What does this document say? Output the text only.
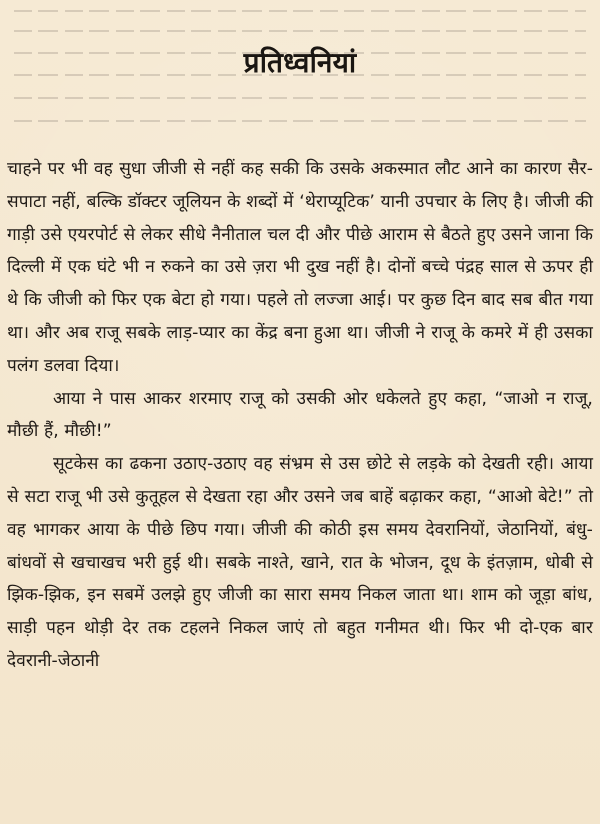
प्रतिध्वनियां

चाहने पर भी वह सुधा जीजी से नहीं कह सकी कि उसके अकस्मात लौट आने का कारण सैर-सपाटा नहीं, बल्कि डॉक्टर जूलियन के शब्दों में ‘थेराप्यूटिक’ यानी उपचार के लिए है। जीजी की गाड़ी उसे एयरपोर्ट से लेकर सीधे नैनीताल चल दी और पीछे आराम से बैठते हुए उसने जाना कि दिल्ली में एक घंटे भी न रुकने का उसे ज़रा भी दुख नहीं है। दोनों बच्चे पंद्रह साल से ऊपर ही थे कि जीजी को फिर एक बेटा हो गया। पहले तो लज्जा आई। पर कुछ दिन बाद सब बीत गया था। और अब राजू सबके लाड़-प्यार का केंद्र बना हुआ था। जीजी ने राजू के कमरे में ही उसका पलंग डलवा दिया।

आया ने पास आकर शरमाए राजू को उसकी ओर धकेलते हुए कहा, “जाओ न राजू, मौछी हैं, मौछी!”

सूटकेस का ढकना उठाए-उठाए वह संभ्रम से उस छोटे से लड़के को देखती रही। आया से सटा राजू भी उसे कुतूहल से देखता रहा और उसने जब बाहें बढ़ाकर कहा, “आओ बेटे!” तो वह भागकर आया के पीछे छिप गया। जीजी की कोठी इस समय देवरानियों, जेठानियों, बंधु-बांधवों से खचाखच भरी हुई थी। सबके नाश्ते, खाने, रात के भोजन, दूध के इंतज़ाम, धोबी से झिक-झिक, इन सबमें उलझे हुए जीजी का सारा समय निकल जाता था। शाम को जूड़ा बांध, साड़ी पहन थोड़ी देर तक टहलने निकल जाएं तो बहुत गनीमत थी। फिर भी दो-एक बार देवरानी-जेठानी
